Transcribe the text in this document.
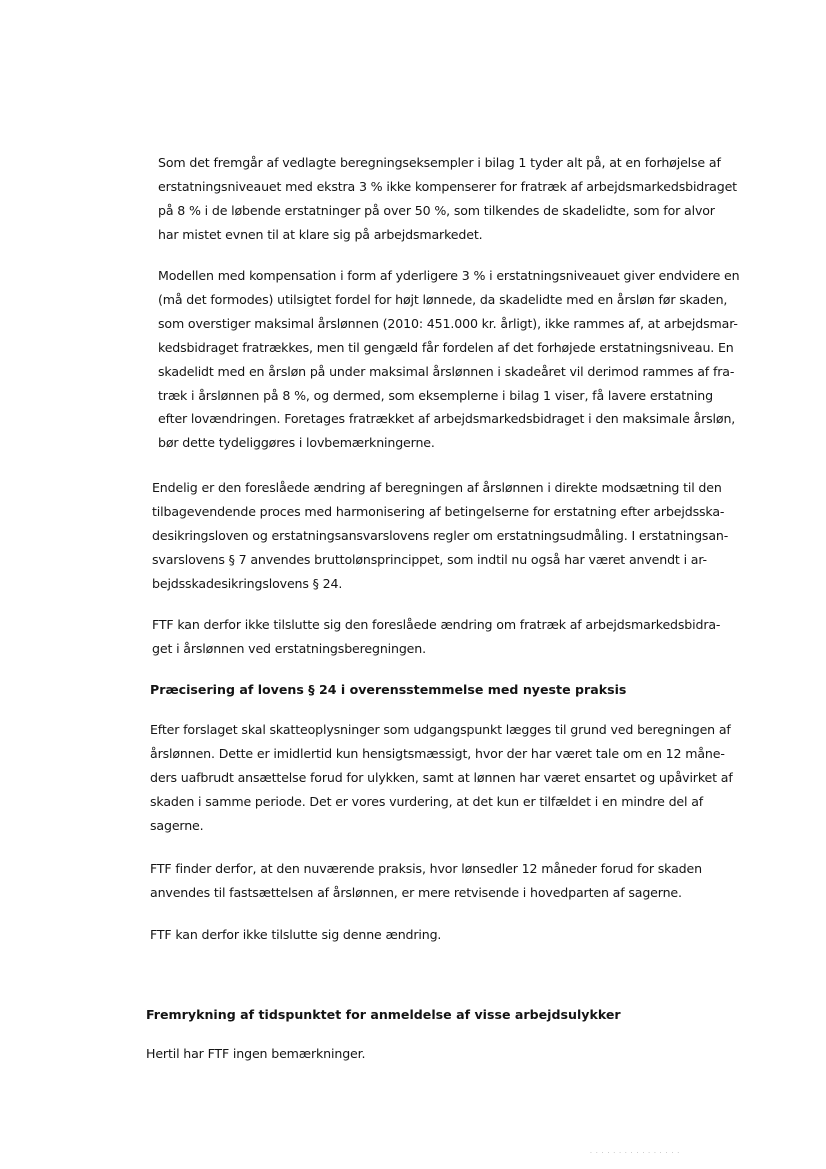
Som det fremgår af vedlagte beregningseksempler i bilag 1 tyder alt på, at en forhøjelse af
erstatningsniveauet med ekstra 3 % ikke kompenserer for fratræk af arbejdsmarkedsbidraget
på 8 % i de løbende erstatninger på over 50 %, som tilkendes de skadelidte, som for alvor
har mistet evnen til at klare sig på arbejdsmarkedet.
Modellen med kompensation i form af yderligere 3 % i erstatningsniveauet giver endvidere en
(må det formodes) utilsigtet fordel for højt lønnede, da skadelidte med en årsløn før skaden,
som overstiger maksimal årslønnen (2010: 451.000 kr. årligt), ikke rammes af, at arbejdsmar-
kedsbidraget fratrækkes, men til gengæld får fordelen af det forhøjede erstatningsniveau. En
skadelidt med en årsløn på under maksimal årslønnen i skadeåret vil derimod rammes af fra-
træk i årslønnen på 8 %, og dermed, som eksemplerne i bilag 1 viser, få lavere erstatning
efter lovændringen. Foretages fratrækket af arbejdsmarkedsbidraget i den maksimale årsløn,
bør dette tydeliggøres i lovbemærkningerne.
Endelig er den foreslåede ændring af beregningen af årslønnen i direkte modsætning til den
tilbagevendende proces med harmonisering af betingelserne for erstatning efter arbejdsska-
desikringsloven og erstatningsansvarslovens regler om erstatningsudmåling. I erstatningsan-
svarslovens § 7 anvendes bruttolønsprincippet, som indtil nu også har været anvendt i ar-
bejdsskadesikringslovens § 24.
FTF kan derfor ikke tilslutte sig den foreslåede ændring om fratræk af arbejdsmarkedsbidra-
get i årslønnen ved erstatningsberegningen.
Præcisering af lovens § 24 i overensstemmelse med nyeste praksis
Efter forslaget skal skatteoplysninger som udgangspunkt lægges til grund ved beregningen af
årslønnen. Dette er imidlertid kun hensigtsmæssigt, hvor der har været tale om en 12 måne-
ders uafbrudt ansættelse forud for ulykken, samt at lønnen har været ensartet og upåvirket af
skaden i samme periode. Det er vores vurdering, at det kun er tilfældet i en mindre del af
sagerne.
FTF finder derfor, at den nuværende praksis, hvor lønsedler 12 måneder forud for skaden
anvendes til fastsættelsen af årslønnen, er mere retvisende i hovedparten af sagerne.
FTF kan derfor ikke tilslutte sig denne ændring.
Fremrykning af tidspunktet for anmeldelse af visse arbejdsulykker
Hertil har FTF ingen bemærkninger.
· · · · · · · · · · · · · · · ·
